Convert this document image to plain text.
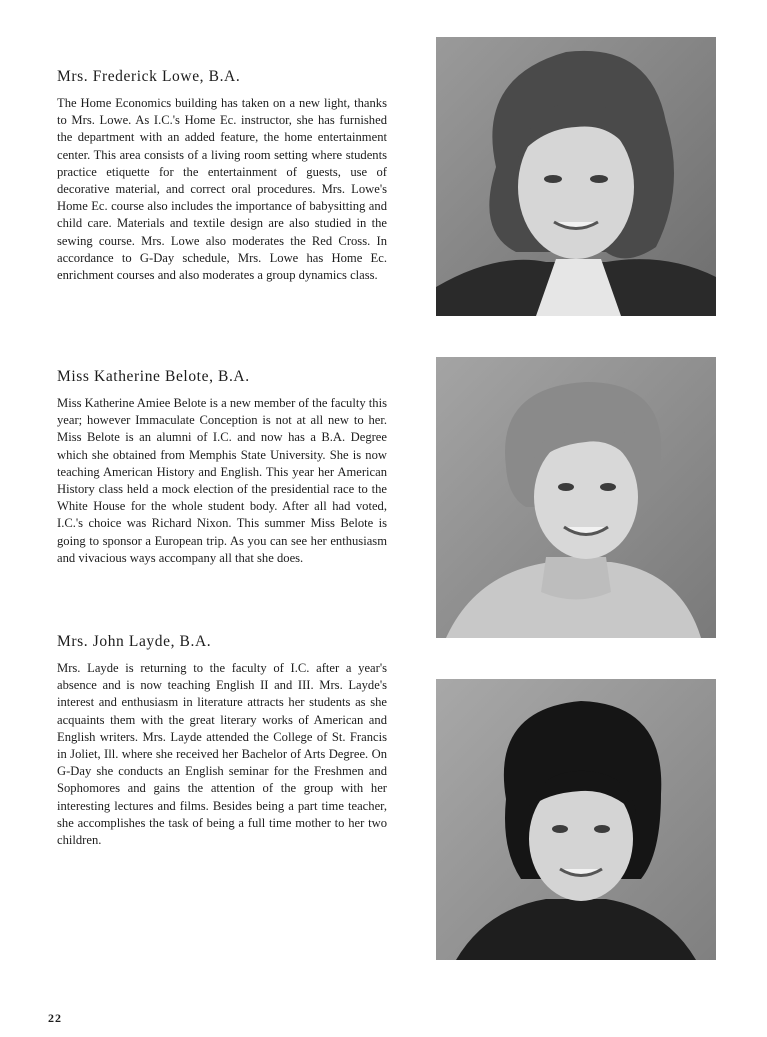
Mrs. Frederick Lowe, B.A.

The Home Economics building has taken on a new light, thanks to Mrs. Lowe. As I.C.'s Home Ec. instructor, she has furnished the department with an added feature, the home entertainment center. This area consists of a living room setting where students practice etiquette for the entertainment of guests, use of decorative material, and correct oral procedures. Mrs. Lowe's Home Ec. course also includes the importance of babysitting and child care. Materials and textile design are also studied in the sewing course. Mrs. Lowe also moderates the Red Cross. In accordance to G-Day schedule, Mrs. Lowe has Home Ec. enrichment courses and also moderates a group dynamics class.

Miss Katherine Belote, B.A.

Miss Katherine Amiee Belote is a new member of the faculty this year; however Immaculate Conception is not at all new to her. Miss Belote is an alumni of I.C. and now has a B.A. Degree which she obtained from Memphis State University. She is now teaching American History and English. This year her American History class held a mock election of the presidential race to the White House for the whole student body. After all had voted, I.C.'s choice was Richard Nixon. This summer Miss Belote is going to sponsor a European trip. As you can see her enthusiasm and vivacious ways accompany all that she does.

Mrs. John Layde, B.A.

Mrs. Layde is returning to the faculty of I.C. after a year's absence and is now teaching English II and III. Mrs. Layde's interest and enthusiasm in literature attracts her students as she acquaints them with the great literary works of American and English writers. Mrs. Layde attended the College of St. Francis in Joliet, Ill. where she received her Bachelor of Arts Degree. On G-Day she conducts an English seminar for the Freshmen and Sophomores and gains the attention of the group with her interesting lectures and films. Besides being a part time teacher, she accomplishes the task of being a full time mother to her two children.

22
